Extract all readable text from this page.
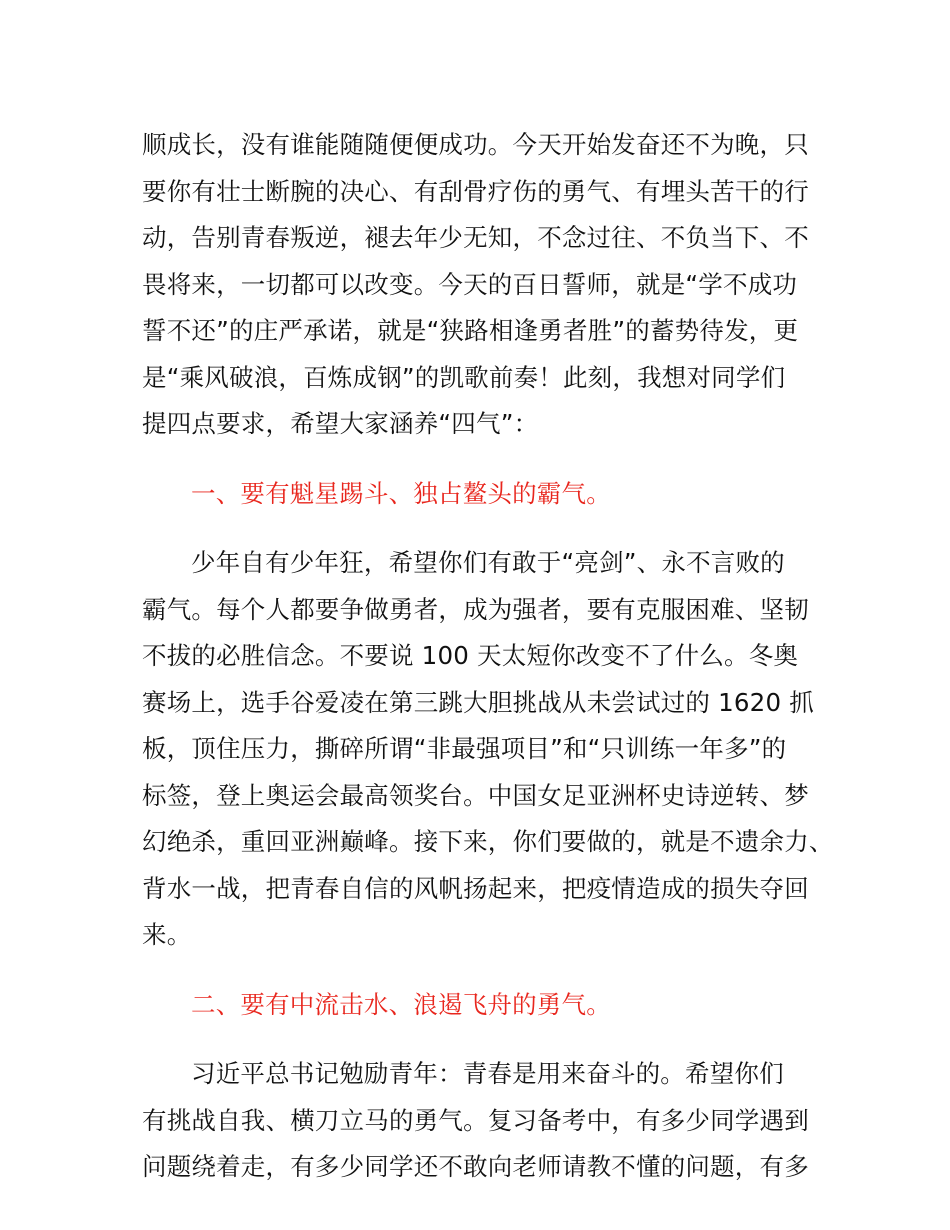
顺成长，没有谁能随随便便成功。今天开始发奋还不为晚，只
要你有壮士断腕的决心、有刮骨疗伤的勇气、有埋头苦干的行
动，告别青春叛逆，褪去年少无知，不念过往、不负当下、不
畏将来，一切都可以改变。今天的百日誓师，就是“学不成功
誓不还”的庄严承诺，就是“狭路相逢勇者胜”的蓄势待发，更
是“乘风破浪，百炼成钢”的凯歌前奏！此刻，我想对同学们
提四点要求，希望大家涵养“四气”：
一、要有魁星踢斗、独占鳌头的霸气。
少年自有少年狂，希望你们有敢于“亮剑”、永不言败的
霸气。每个人都要争做勇者，成为强者，要有克服困难、坚韧
不拔的必胜信念。不要说 100 天太短你改变不了什么。冬奥
赛场上，选手谷爱凌在第三跳大胆挑战从未尝试过的 1620 抓
板，顶住压力，撕碎所谓“非最强项目”和“只训练一年多”的
标签，登上奥运会最高领奖台。中国女足亚洲杯史诗逆转、梦
幻绝杀，重回亚洲巅峰。接下来，你们要做的，就是不遗余力、
背水一战，把青春自信的风帆扬起来，把疫情造成的损失夺回
来。
二、要有中流击水、浪遏飞舟的勇气。
习近平总书记勉励青年：青春是用来奋斗的。希望你们
有挑战自我、横刀立马的勇气。复习备考中，有多少同学遇到
问题绕着走，有多少同学还不敢向老师请教不懂的问题，有多
